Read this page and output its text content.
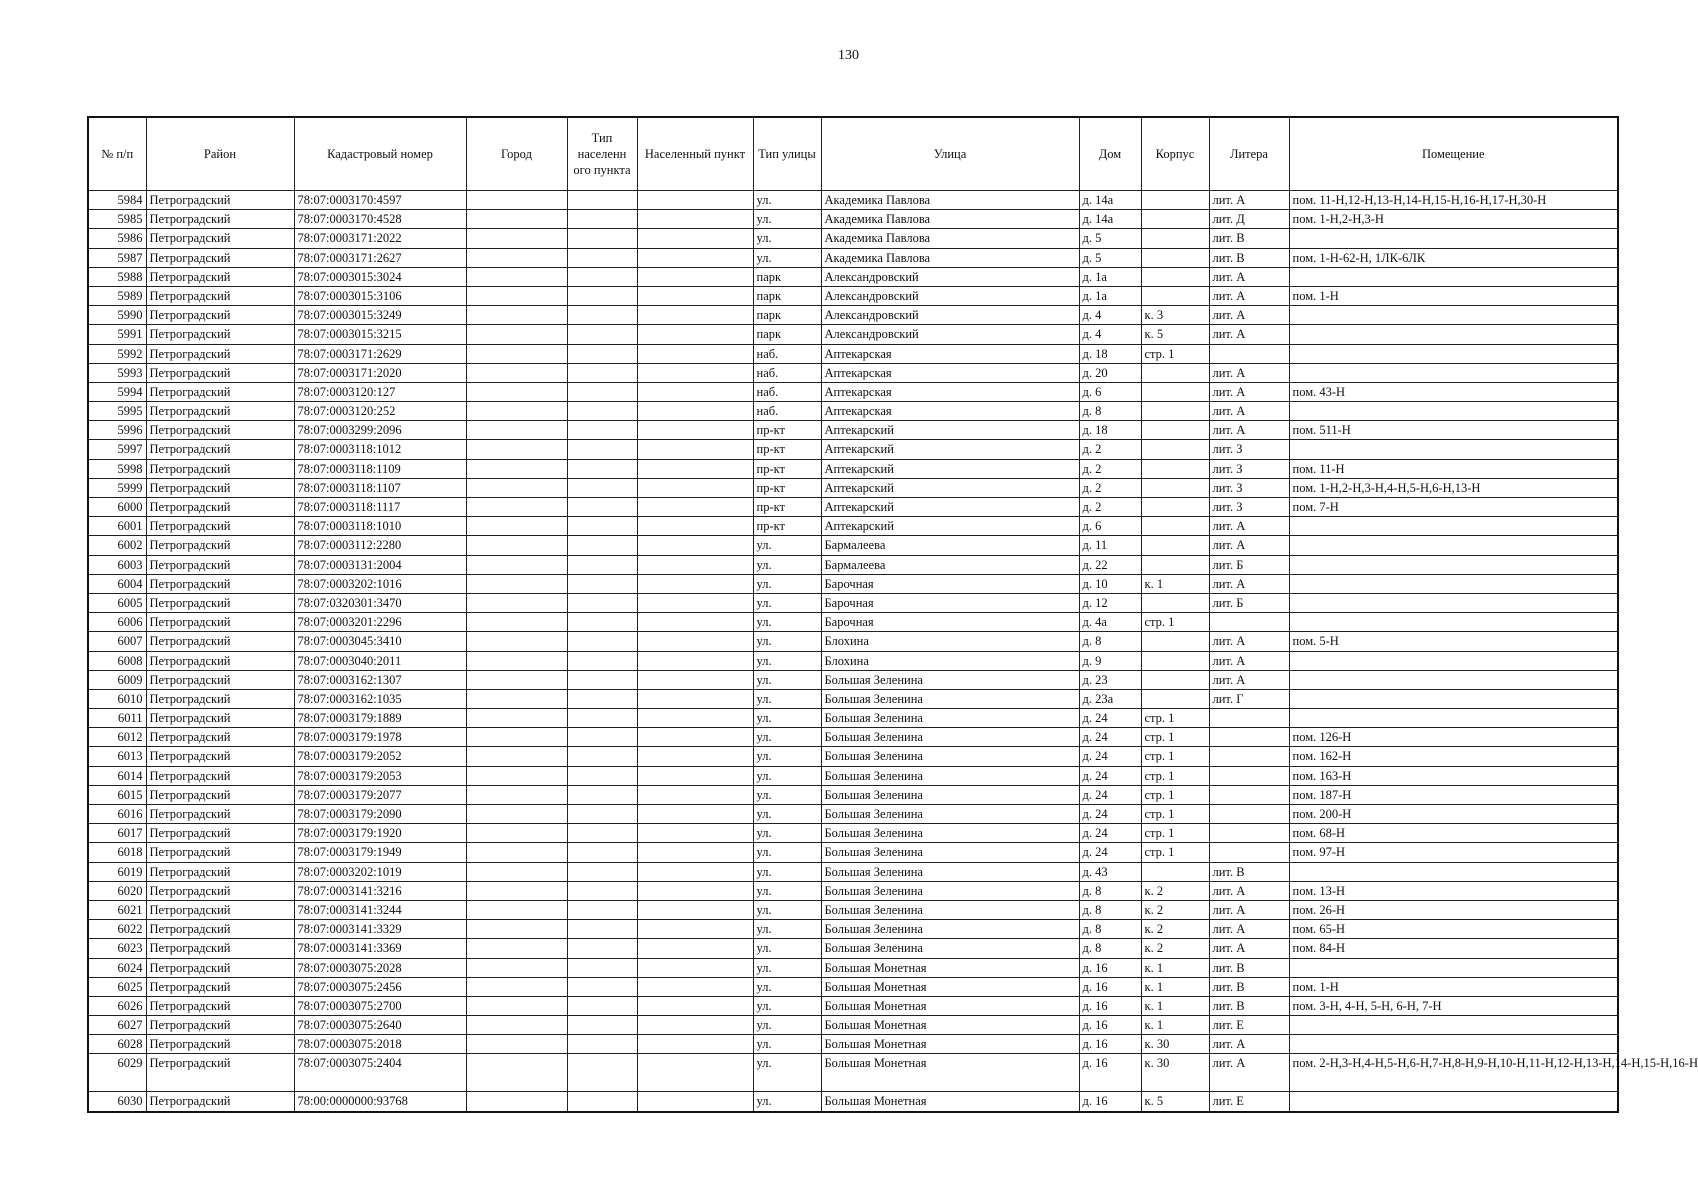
130
№ п/п	Район	Кадастровый номер	Город	Тип населенн ого пункта	Населенный пункт	Тип улицы	Улица	Дом	Корпус	Литера	Помещение
5984	Петроградский	78:07:0003170:4597				ул.	Академика Павлова	д. 14а		лит. А	пом. 11-Н,12-Н,13-Н,14-Н,15-Н,16-Н,17-Н,30-Н
5985	Петроградский	78:07:0003170:4528				ул.	Академика Павлова	д. 14а		лит. Д	пом. 1-Н,2-Н,3-Н
5986	Петроградский	78:07:0003171:2022				ул.	Академика Павлова	д. 5		лит. В	
5987	Петроградский	78:07:0003171:2627				ул.	Академика Павлова	д. 5		лит. В	пом. 1-Н-62-Н, 1ЛК-6ЛК
5988	Петроградский	78:07:0003015:3024				парк	Александровский	д. 1а		лит. А	
5989	Петроградский	78:07:0003015:3106				парк	Александровский	д. 1а		лит. А	пом. 1-Н
5990	Петроградский	78:07:0003015:3249				парк	Александровский	д. 4	к. 3	лит. А	
5991	Петроградский	78:07:0003015:3215				парк	Александровский	д. 4	к. 5	лит. А	
5992	Петроградский	78:07:0003171:2629				наб.	Аптекарская	д. 18	стр. 1		
5993	Петроградский	78:07:0003171:2020				наб.	Аптекарская	д. 20		лит. А	
5994	Петроградский	78:07:0003120:127				наб.	Аптекарская	д. 6		лит. А	пом. 43-Н
5995	Петроградский	78:07:0003120:252				наб.	Аптекарская	д. 8		лит. А	
5996	Петроградский	78:07:0003299:2096				пр-кт	Аптекарский	д. 18		лит. А	пом. 511-Н
5997	Петроградский	78:07:0003118:1012				пр-кт	Аптекарский	д. 2		лит. З	
5998	Петроградский	78:07:0003118:1109				пр-кт	Аптекарский	д. 2		лит. З	пом. 11-Н
5999	Петроградский	78:07:0003118:1107				пр-кт	Аптекарский	д. 2		лит. З	пом. 1-Н,2-Н,3-Н,4-Н,5-Н,6-Н,13-Н
6000	Петроградский	78:07:0003118:1117				пр-кт	Аптекарский	д. 2		лит. З	пом. 7-Н
6001	Петроградский	78:07:0003118:1010				пр-кт	Аптекарский	д. 6		лит. А	
6002	Петроградский	78:07:0003112:2280				ул.	Бармалеева	д. 11		лит. А	
6003	Петроградский	78:07:0003131:2004				ул.	Бармалеева	д. 22		лит. Б	
6004	Петроградский	78:07:0003202:1016				ул.	Барочная	д. 10	к. 1	лит. А	
6005	Петроградский	78:07:0320301:3470				ул.	Барочная	д. 12		лит. Б	
6006	Петроградский	78:07:0003201:2296				ул.	Барочная	д. 4а	стр. 1		
6007	Петроградский	78:07:0003045:3410				ул.	Блохина	д. 8		лит. А	пом. 5-Н
6008	Петроградский	78:07:0003040:2011				ул.	Блохина	д. 9		лит. А	
6009	Петроградский	78:07:0003162:1307				ул.	Большая Зеленина	д. 23		лит. А	
6010	Петроградский	78:07:0003162:1035				ул.	Большая Зеленина	д. 23а		лит. Г	
6011	Петроградский	78:07:0003179:1889				ул.	Большая Зеленина	д. 24	стр. 1		
6012	Петроградский	78:07:0003179:1978				ул.	Большая Зеленина	д. 24	стр. 1		пом. 126-Н
6013	Петроградский	78:07:0003179:2052				ул.	Большая Зеленина	д. 24	стр. 1		пом. 162-Н
6014	Петроградский	78:07:0003179:2053				ул.	Большая Зеленина	д. 24	стр. 1		пом. 163-Н
6015	Петроградский	78:07:0003179:2077				ул.	Большая Зеленина	д. 24	стр. 1		пом. 187-Н
6016	Петроградский	78:07:0003179:2090				ул.	Большая Зеленина	д. 24	стр. 1		пом. 200-Н
6017	Петроградский	78:07:0003179:1920				ул.	Большая Зеленина	д. 24	стр. 1		пом. 68-Н
6018	Петроградский	78:07:0003179:1949				ул.	Большая Зеленина	д. 24	стр. 1		пом. 97-Н
6019	Петроградский	78:07:0003202:1019				ул.	Большая Зеленина	д. 43		лит. В	
6020	Петроградский	78:07:0003141:3216				ул.	Большая Зеленина	д. 8	к. 2	лит. А	пом. 13-Н
6021	Петроградский	78:07:0003141:3244				ул.	Большая Зеленина	д. 8	к. 2	лит. А	пом. 26-Н
6022	Петроградский	78:07:0003141:3329				ул.	Большая Зеленина	д. 8	к. 2	лит. А	пом. 65-Н
6023	Петроградский	78:07:0003141:3369				ул.	Большая Зеленина	д. 8	к. 2	лит. А	пом. 84-Н
6024	Петроградский	78:07:0003075:2028				ул.	Большая Монетная	д. 16	к. 1	лит. В	
6025	Петроградский	78:07:0003075:2456				ул.	Большая Монетная	д. 16	к. 1	лит. В	пом. 1-Н
6026	Петроградский	78:07:0003075:2700				ул.	Большая Монетная	д. 16	к. 1	лит. В	пом. 3-Н, 4-Н, 5-Н, 6-Н, 7-Н
6027	Петроградский	78:07:0003075:2640				ул.	Большая Монетная	д. 16	к. 1	лит. Е	
6028	Петроградский	78:07:0003075:2018				ул.	Большая Монетная	д. 16	к. 30	лит. А	
6029	Петроградский	78:07:0003075:2404				ул.	Большая Монетная	д. 16	к. 30	лит. А	пом. 2-Н,3-Н,4-Н,5-Н,6-Н,7-Н,8-Н,9-Н,10-Н,11-Н,12-Н,13-Н,14-Н,15-Н,16-Н
6030	Петроградский	78:00:0000000:93768				ул.	Большая Монетная	д. 16	к. 5	лит. Е	
